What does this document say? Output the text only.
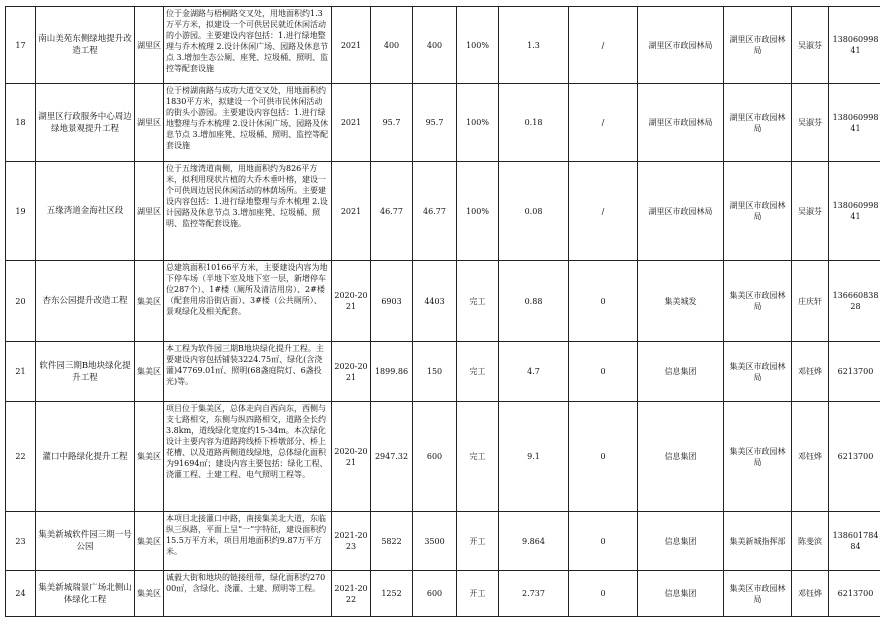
17	南山美苑东侧绿地提升改造工程	湖里区	位于金湖路与梧桐路交叉处，用地面积约1.3万平方米，拟建设一个可供居民就近休闲活动的小游园。主要建设内容包括：1.进行绿地整理与乔木梳理 2.设计休闲广场、园路及休息节点 3.增加生态公厕、座凳、垃圾桶、照明、监控等配套设施	2021	400	400	100%	1.3	/	湖里区市政园林局	湖里区市政园林局	吴淑芬	13806099841	
18	湖里区行政服务中心周边绿地景观提升工程	湖里区	位于榜湖南路与成功大道交叉处，用地面积约1830平方米，拟建设一个可供市民休闲活动的街头小游园。主要建设内容包括：1.进行绿地整理与乔木梳理 2.设计休闲广场、园路及休息节点 3.增加座凳、垃圾桶、照明、监控等配套设施	2021	95.7	95.7	100%	0.18	/	湖里区市政园林局	湖里区市政园林局	吴淑芬	13806099841	
19	五缘湾道金海社区段	湖里区	位于五缘湾道南侧，用地面积约为826平方米，拟利用现状片植的大乔木垂叶榕，建设一个可供周边居民休闲活动的林荫场所。主要建设内容包括：1.进行绿地整理与乔木梳理 2.设计园路及休息节点 3.增加座凳、垃圾桶、照明、监控等配套设施。	2021	46.77	46.77	100%	0.08	/	湖里区市政园林局	湖里区市政园林局	吴淑芬	13806099841	
20	杏东公园提升改造工程	集美区	总建筑面积10166平方米，主要建设内容为地下停车场（半地下室及地下室一层，新增停车位287个）、1#楼（厕所及清洁用房）、2#楼（配套用房沿街店面）、3#楼（公共厕所）、景观绿化及相关配套。	2020-2021	6903	4403	完工	0.88	0	集美城发	集美区市政园林局	庄庆轩	13666083828	
21	软件园三期B地块绿化提升工程	集美区	本工程为软件园三期B地块绿化提升工程。主要建设内容包括铺装3224.75㎡、绿化(含浇灌)47769.01㎡、照明(68盏庭院灯、6盏投光)等。	2020-2021	1899.86	150	完工	4.7	0	信息集团	集美区市政园林局	邓钰烨	6213700	
22	灌口中路绿化提升工程	集美区	项目位于集美区，总体走向自西向东，西侧与支七路相交，东侧与纵四路相交，道路全长约3.8km，道线绿化宽度约15-34m。本次绿化设计主要内容为道路跨线桥下桥墩部分、桥上花槽、以及道路两侧道线绿地，总体绿化面积为91694㎡；建设内容主要包括：绿化工程、浇灌工程、土建工程、电气照明工程等。	2020-2021	2947.32	600	完工	9.1	0	信息集团	集美区市政园林局	邓钰烨	6213700	
23	集美新城软件园三期一号公园	集美区	本项目北接灌口中路，南接集美北大道，东临纵三纵路，平面上呈“一”字特征，建设面积约15.5万平方米，项目用地面积约9.87万平方米。	2021-2023	5822	3500	开工	9.864	0	信息集团	集美新城指挥部	陈斐滨	13860178484	
24	集美新城瑞景广场北侧山体绿化工程	集美区	诚毅大街和地块的链接纽带，绿化面积约27000㎡，含绿化、浇灌、土建、照明等工程。	2021-2022	1252	600	开工	2.737	0	信息集团	集美区市政园林局	邓钰烨	6213700	
